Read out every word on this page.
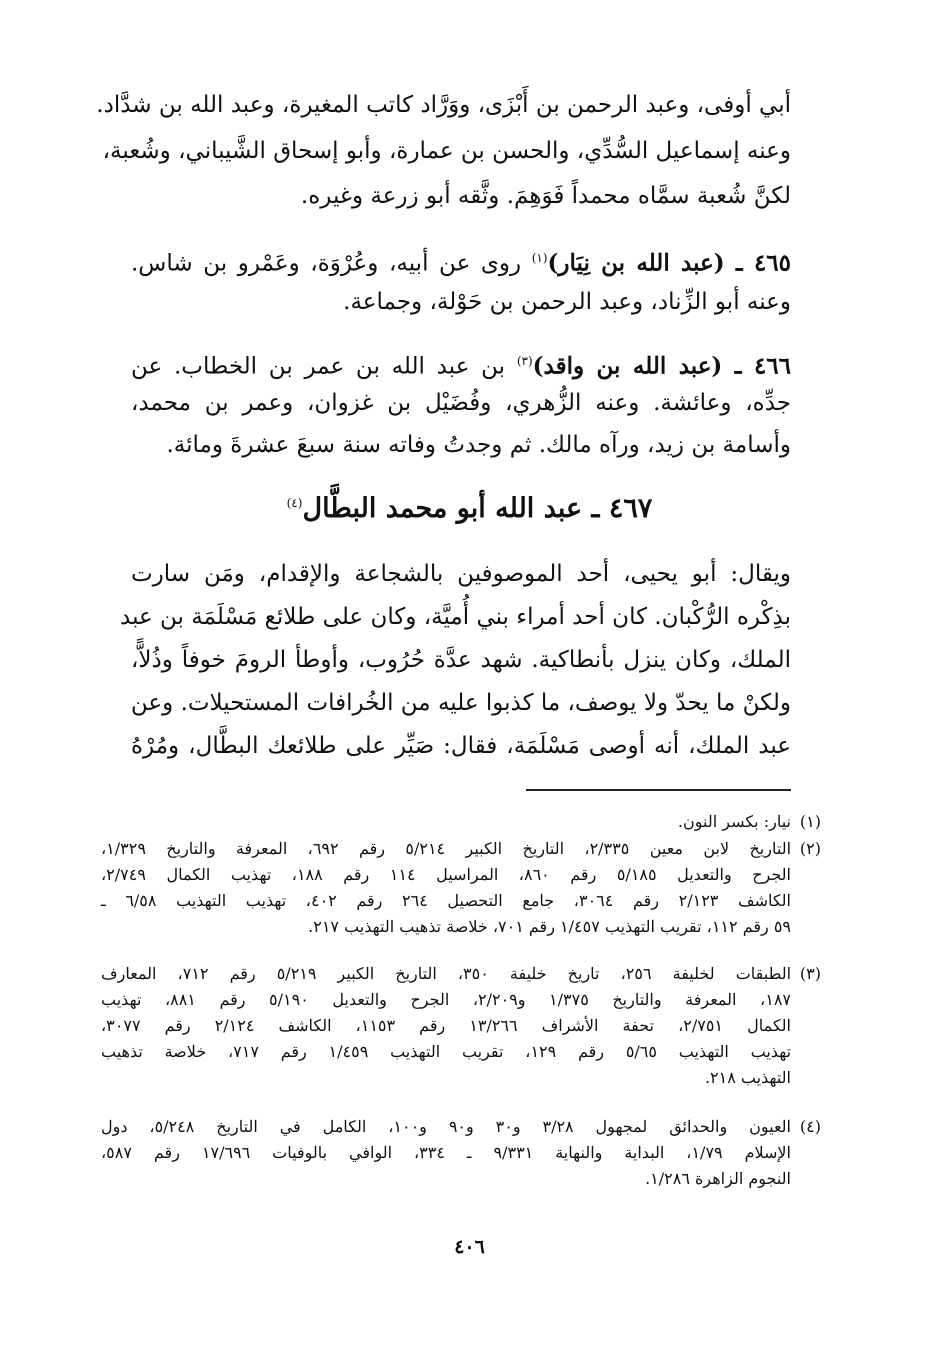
أبي أوفى، وعبد الرحمن بن أَبْزَى، ووَرَّاد كاتب المغيرة، وعبد الله بن شدَّاد.
وعنه إسماعيل السُّدِّي، والحسن بن عمارة، وأبو إسحاق الشَّيباني، وشُعبة،
لكنَّ شُعبة سمَّاه محمداً فَوَهِمَ. وثَّقه أبو زرعة وغيره.
٤٦٥ ـ (عبد الله بن نِيَار)$^{(١)}$ روى عن أبيه، وعُرْوَة، وعَمْرو بن شاس.
وعنه أبو الزِّناد، وعبد الرحمن بن حَوْلة، وجماعة.
٤٦٦ ـ (عبد الله بن واقد)$^{(٣)}$ بن عبد الله بن عمر بن الخطاب. عن
جدِّه، وعائشة. وعنه الزُّهري، وفُضَيْل بن غزوان، وعمر بن محمد،
وأسامة بن زيد، ورآه مالك. ثم وجدتُ وفاته سنة سبعَ عشرةَ ومائة.
٤٦٧ ـ عبد الله أبو محمد البطَّال$^{(٤)}$
ويقال: أبو يحيى، أحد الموصوفين بالشجاعة والإقدام، ومَن سارت
بذِكْره الرُّكْبان. كان أحد أمراء بني أُميَّة، وكان على طلائع مَسْلَمَة بن عبد
الملك، وكان ينزل بأنطاكية. شهد عدَّة حُرُوب، وأوطأ الرومَ خوفاً وذُلاًّ،
ولكنْ ما يحدّ ولا يوصف، ما كذبوا عليه من الخُرافات المستحيلات. وعن
عبد الملك، أنه أوصى مَسْلَمَة، فقال: صَيِّر على طلائعك البطَّال، ومُرْهُ
(١)
نيار: بكسر النون.
(٢)
التاريخ لابن معين ٢/٣٣٥، التاريخ الكبير ٥/٢١٤ رقم ٦٩٢، المعرفة والتاريخ ١/٣٢٩،
الجرح والتعديل ٥/١٨٥ رقم ٨٦٠، المراسيل ١١٤ رقم ١٨٨، تهذيب الكمال ٢/٧٤٩،
الكاشف ٢/١٢٣ رقم ٣٠٦٤، جامع التحصيل ٢٦٤ رقم ٤٠٢، تهذيب التهذيب ٦/٥٨ ـ
٥٩ رقم ١١٢، تقريب التهذيب ١/٤٥٧ رقم ٧٠١، خلاصة تذهيب التهذيب ٢١٧.
(٣)
الطبقات لخليفة ٢٥٦، تاريخ خليفة ٣٥٠، التاريخ الكبير ٥/٢١٩ رقم ٧١٢، المعارف
١٨٧، المعرفة والتاريخ ١/٣٧٥ و٢/٢٠٩، الجرح والتعديل ٥/١٩٠ رقم ٨٨١، تهذيب
الكمال ٢/٧٥١، تحفة الأشراف ١٣/٢٦٦ رقم ١١٥٣، الكاشف ٢/١٢٤ رقم ٣٠٧٧،
تهذيب التهذيب ٥/٦٥ رقم ١٢٩، تقريب التهذيب ١/٤٥٩ رقم ٧١٧، خلاصة تذهيب
التهذيب ٢١٨.
(٤)
العيون والحدائق لمجهول ٣/٢٨ و٣٠ و٩٠ و١٠٠، الكامل في التاريخ ٥/٢٤٨، دول
الإسلام ١/٧٩، البداية والنهاية ٩/٣٣١ ـ ٣٣٤، الوافي بالوفيات ١٧/٦٩٦ رقم ٥٨٧،
النجوم الزاهرة ١/٢٨٦.
٤٠٦
